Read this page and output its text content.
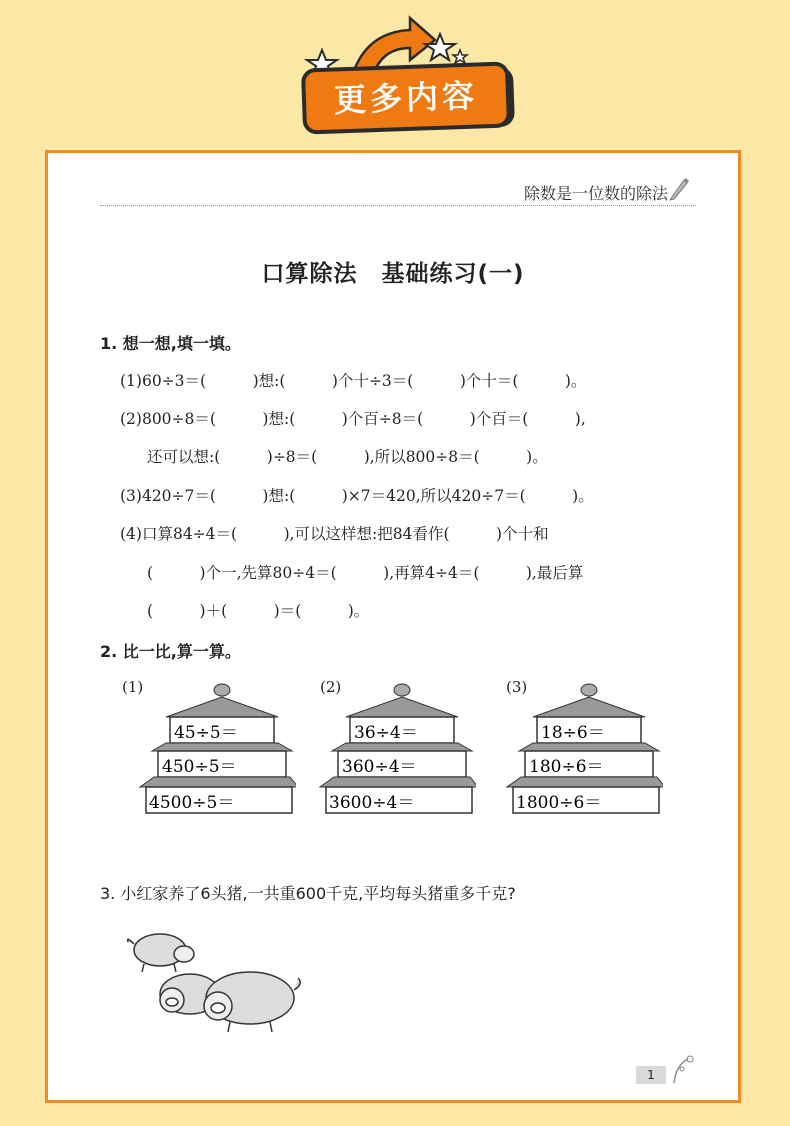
更多内容
除数是一位数的除法
口算除法　基础练习(一)
1. 想一想,填一填。
(1)60÷3＝(　　　)想:(　　　)个十÷3＝(　　　)个十＝(　　　)。
(2)800÷8＝(　　　)想:(　　　)个百÷8＝(　　　)个百＝(　　　),
还可以想:(　　　)÷8＝(　　　),所以800÷8＝(　　　)。
(3)420÷7＝(　　　)想:(　　　)×7＝420,所以420÷7＝(　　　)。
(4)口算84÷4＝(　　　),可以这样想:把84看作(　　　)个十和
(　　　)个一,先算80÷4＝(　　　),再算4÷4＝(　　　),最后算
(　　　)＋(　　　)＝(　　　)。
2. 比一比,算一算。
(1)
45÷5＝
450÷5＝
4500÷5＝
(2)
36÷4＝
360÷4＝
3600÷4＝
(3)
18÷6＝
180÷6＝
1800÷6＝
3. 小红家养了6头猪,一共重600千克,平均每头猪重多千克?
1
